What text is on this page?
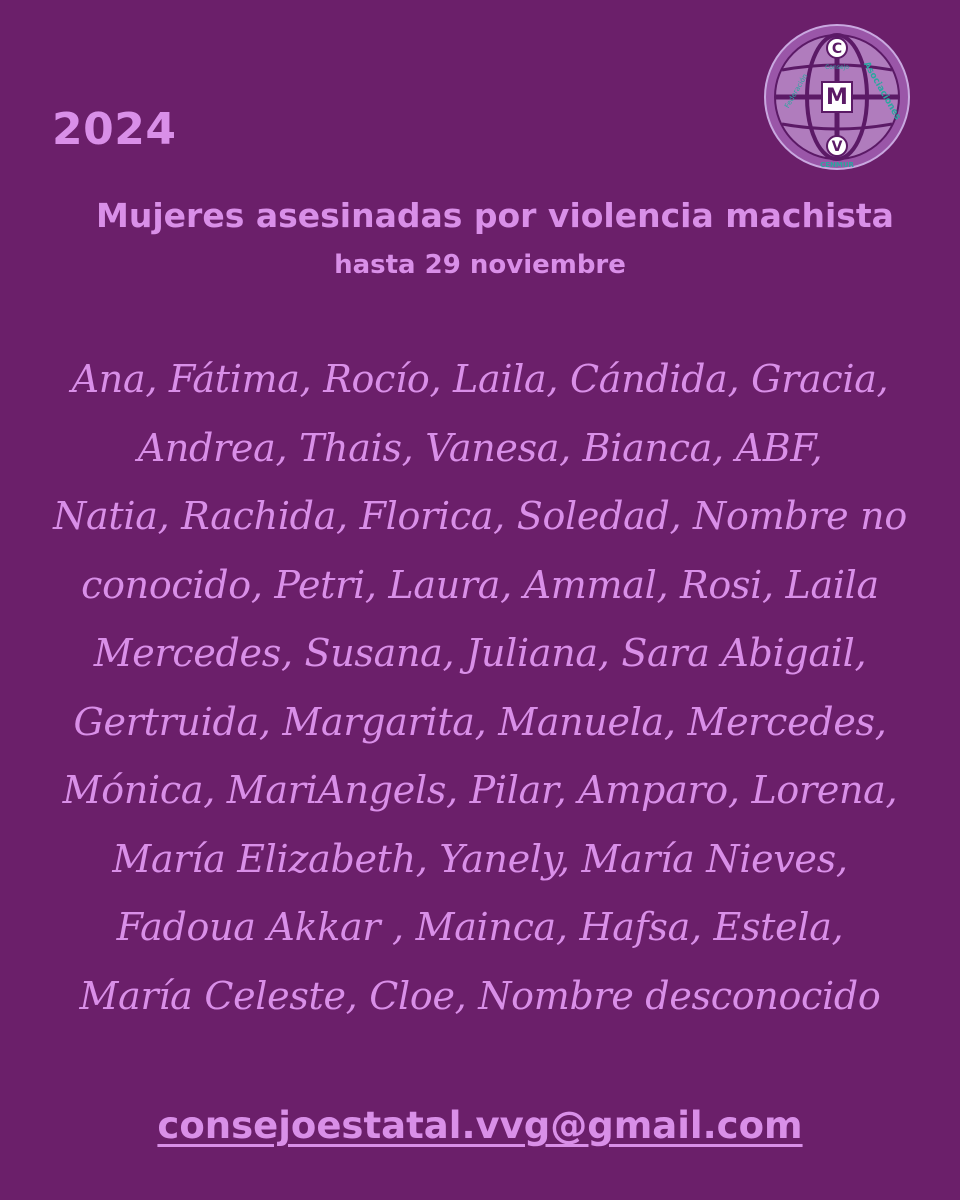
2024
C
M
V
Federación	Asociaciones
Consejo
CENMUR
Mujeres asesinadas por violencia machista
hasta 29 noviembre
Ana, Fátima, Rocío, Laila, Cándida, Gracia,
Andrea, Thais, Vanesa, Bianca, ABF,
Natia, Rachida, Florica, Soledad, Nombre no
conocido, Petri, Laura, Ammal, Rosi, Laila
Mercedes, Susana, Juliana, Sara Abigail,
Gertruida, Margarita, Manuela, Mercedes,
Mónica, MariAngels, Pilar, Amparo, Lorena,
María Elizabeth, Yanely, María Nieves,
Fadoua Akkar , Mainca, Hafsa, Estela,
María Celeste, Cloe, Nombre desconocido
consejoestatal.vvg@gmail.com
